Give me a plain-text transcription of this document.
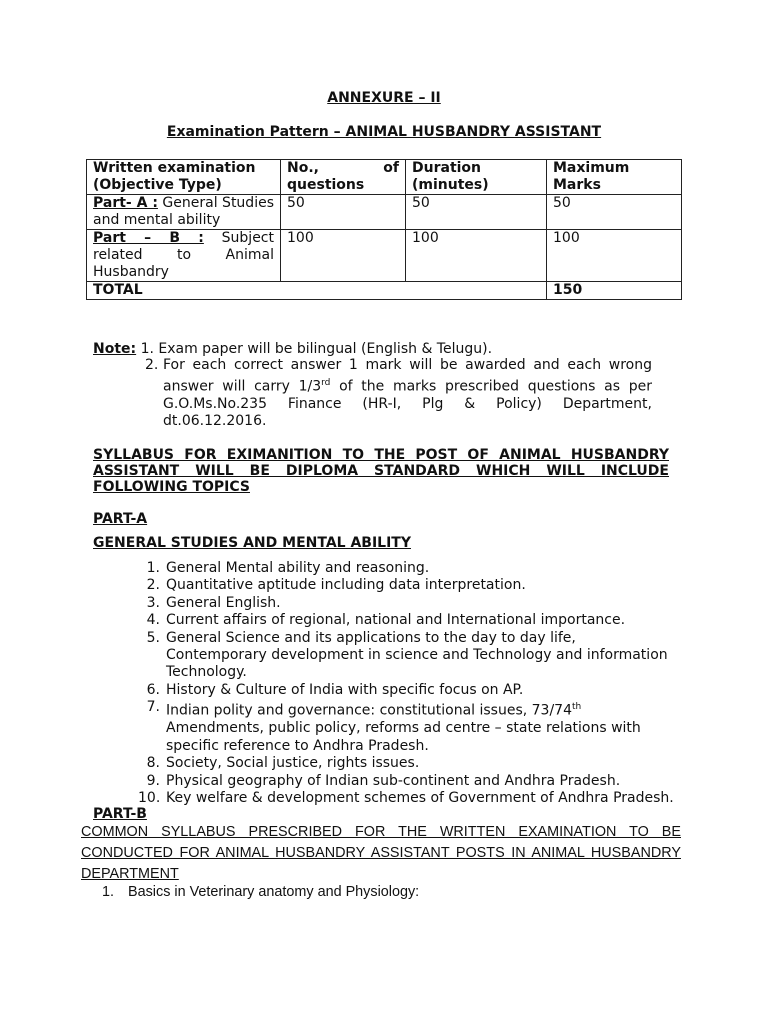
ANNEXURE – II
Examination Pattern – ANIMAL HUSBANDRY ASSISTANT
Written examination (Objective Type)	No., of questions	Duration (minutes)	Maximum Marks
Part- A : General Studies and mental ability	50	50	50
Part – B : Subject related to Animal Husbandry	100	100	100
TOTAL			150
Note: 1. Exam paper will be bilingual (English & Telugu).
2. For each correct answer 1 mark will be awarded and each wrong answer will carry 1/3rd of the marks prescribed questions as per G.O.Ms.No.235 Finance (HR-I, Plg & Policy) Department, dt.06.12.2016.
SYLLABUS FOR EXIMANITION TO THE POST OF ANIMAL HUSBANDRY ASSISTANT WILL BE DIPLOMA STANDARD WHICH WILL INCLUDE FOLLOWING TOPICS
PART-A
GENERAL STUDIES AND MENTAL ABILITY
1. General Mental ability and reasoning.
2. Quantitative aptitude including data interpretation.
3. General English.
4. Current affairs of regional, national and International importance.
5. General Science and its applications to the day to day life, Contemporary development in science and Technology and information Technology.
6. History & Culture of India with specific focus on AP.
7. Indian polity and governance: constitutional issues, 73/74th Amendments, public policy, reforms ad centre – state relations with specific reference to Andhra Pradesh.
8. Society, Social justice, rights issues.
9. Physical geography of Indian sub-continent and Andhra Pradesh.
10. Key welfare & development schemes of Government of Andhra Pradesh.
PART-B
COMMON SYLLABUS PRESCRIBED FOR THE WRITTEN EXAMINATION TO BE
CONDUCTED FOR ANIMAL HUSBANDRY ASSISTANT POSTS IN ANIMAL HUSBANDRY
DEPARTMENT
1. Basics in Veterinary anatomy and Physiology:
